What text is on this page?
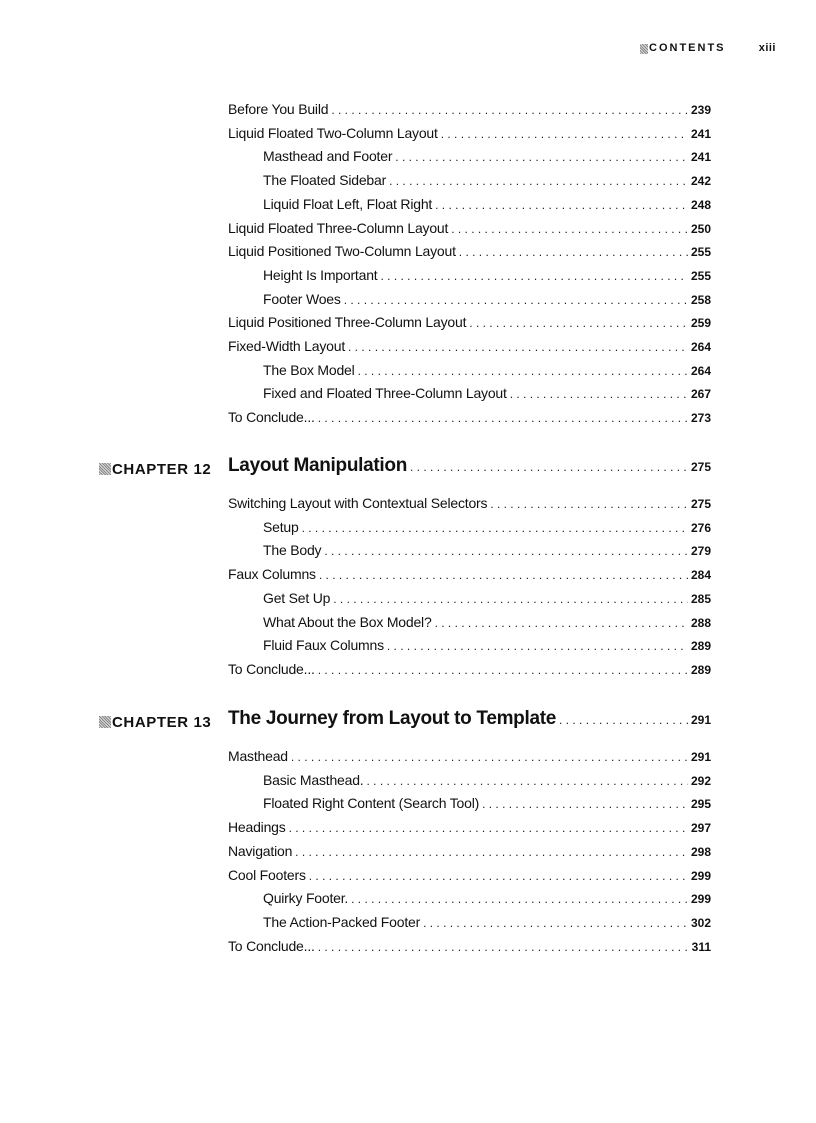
CONTENTS	xiii
Before You Build . . .	239
Liquid Floated Two-Column Layout . . .	241
Masthead and Footer . . .	241
The Floated Sidebar . . .	242
Liquid Float Left, Float Right . . .	248
Liquid Floated Three-Column Layout . . .	250
Liquid Positioned Two-Column Layout . . .	255
Height Is Important . . .	255
Footer Woes . . .	258
Liquid Positioned Three-Column Layout . . .	259
Fixed-Width Layout . . .	264
The Box Model . . .	264
Fixed and Floated Three-Column Layout . . .	267
To Conclude... . . .	273
CHAPTER 12 Layout Manipulation . . .	275
Switching Layout with Contextual Selectors . . .	275
Setup . . .	276
The Body . . .	279
Faux Columns . . .	284
Get Set Up . . .	285
What About the Box Model? . . .	288
Fluid Faux Columns . . .	289
To Conclude... . . .	289
CHAPTER 13 The Journey from Layout to Template . . .	291
Masthead . . .	291
Basic Masthead. . . .	292
Floated Right Content (Search Tool) . . .	295
Headings . . .	297
Navigation . . .	298
Cool Footers . . .	299
Quirky Footer. . . .	299
The Action-Packed Footer . . .	302
To Conclude... . . .	311
